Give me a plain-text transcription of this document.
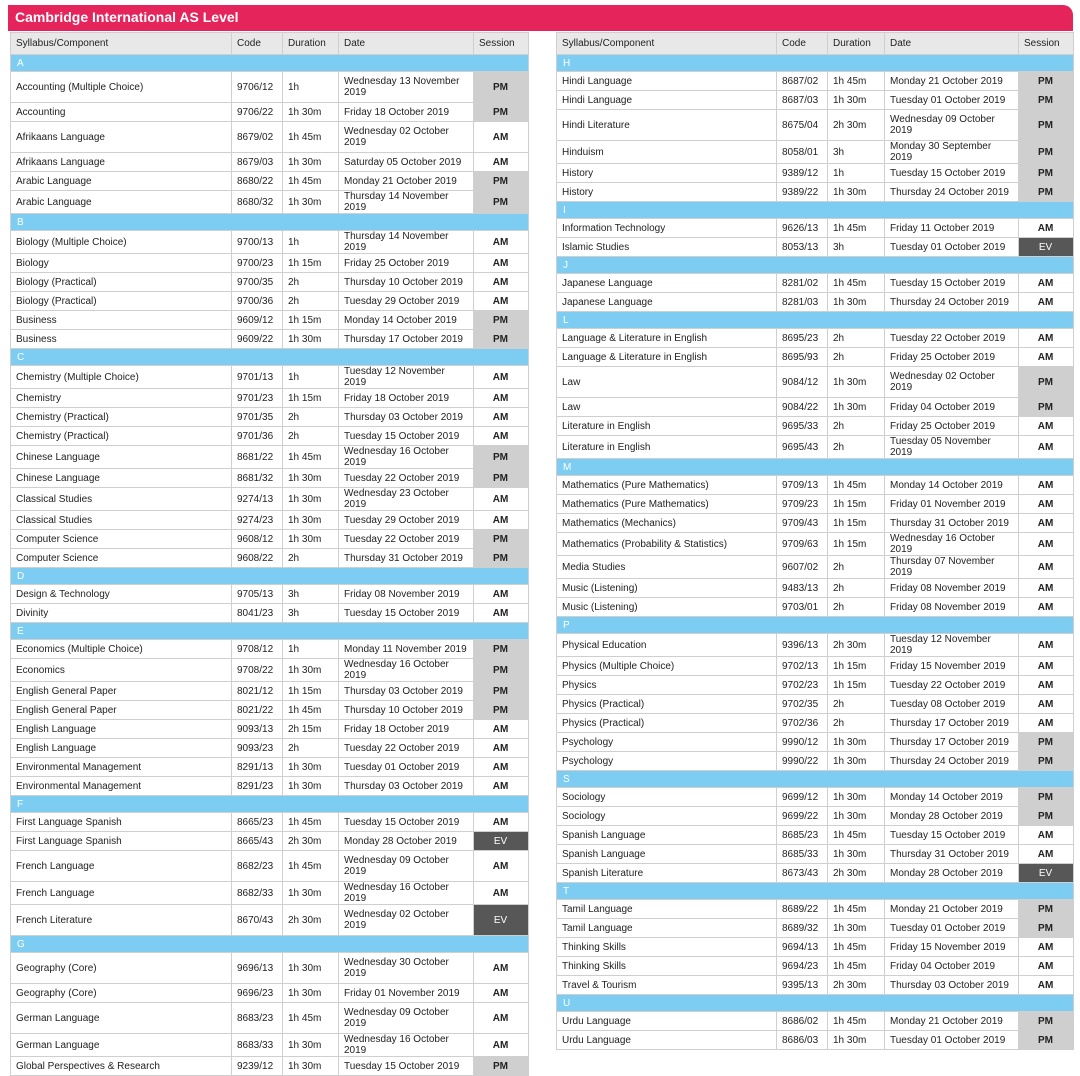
Cambridge International AS Level
Syllabus/Component	Code	Duration	Date	Session
A				
Accounting (Multiple Choice)	9706/12	1h	Wednesday 13 November 2019	PM
Accounting	9706/22	1h 30m	Friday 18 October 2019	PM
Afrikaans Language	8679/02	1h 45m	Wednesday 02 October 2019	AM
Afrikaans Language	8679/03	1h 30m	Saturday 05 October 2019	AM
Arabic Language	8680/22	1h 45m	Monday 21 October 2019	PM
Arabic Language	8680/32	1h 30m	Thursday 14 November 2019	PM
B				
Biology (Multiple Choice)	9700/13	1h	Thursday 14 November 2019	AM
Biology	9700/23	1h 15m	Friday 25 October 2019	AM
Biology (Practical)	9700/35	2h	Thursday 10 October 2019	AM
Biology (Practical)	9700/36	2h	Tuesday 29 October 2019	AM
Business	9609/12	1h 15m	Monday 14 October 2019	PM
Business	9609/22	1h 30m	Thursday 17 October 2019	PM
C				
Chemistry (Multiple Choice)	9701/13	1h	Tuesday 12 November 2019	AM
Chemistry	9701/23	1h 15m	Friday 18 October 2019	AM
Chemistry (Practical)	9701/35	2h	Thursday 03 October 2019	AM
Chemistry (Practical)	9701/36	2h	Tuesday 15 October 2019	AM
Chinese Language	8681/22	1h 45m	Wednesday 16 October 2019	PM
Chinese Language	8681/32	1h 30m	Tuesday 22 October 2019	PM
Classical Studies	9274/13	1h 30m	Wednesday 23 October 2019	AM
Classical Studies	9274/23	1h 30m	Tuesday 29 October 2019	AM
Computer Science	9608/12	1h 30m	Tuesday 22 October 2019	PM
Computer Science	9608/22	2h	Thursday 31 October 2019	PM
D				
Design & Technology	9705/13	3h	Friday 08 November 2019	AM
Divinity	8041/23	3h	Tuesday 15 October 2019	AM
E				
Economics (Multiple Choice)	9708/12	1h	Monday 11 November 2019	PM
Economics	9708/22	1h 30m	Wednesday 16 October 2019	PM
English General Paper	8021/12	1h 15m	Thursday 03 October 2019	PM
English General Paper	8021/22	1h 45m	Thursday 10 October 2019	PM
English Language	9093/13	2h 15m	Friday 18 October 2019	AM
English Language	9093/23	2h	Tuesday 22 October 2019	AM
Environmental Management	8291/13	1h 30m	Tuesday 01 October 2019	AM
Environmental Management	8291/23	1h 30m	Thursday 03 October 2019	AM
F				
First Language Spanish	8665/23	1h 45m	Tuesday 15 October 2019	AM
First Language Spanish	8665/43	2h 30m	Monday 28 October 2019	EV
French Language	8682/23	1h 45m	Wednesday 09 October 2019	AM
French Language	8682/33	1h 30m	Wednesday 16 October 2019	AM
French Literature	8670/43	2h 30m	Wednesday 02 October 2019	EV
G				
Geography (Core)	9696/13	1h 30m	Wednesday 30 October 2019	AM
Geography (Core)	9696/23	1h 30m	Friday 01 November 2019	AM
German Language	8683/23	1h 45m	Wednesday 09 October 2019	AM
German Language	8683/33	1h 30m	Wednesday 16 October 2019	AM
Global Perspectives & Research	9239/12	1h 30m	Tuesday 15 October 2019	PM
Syllabus/Component	Code	Duration	Date	Session
H				
Hindi Language	8687/02	1h 45m	Monday 21 October 2019	PM
Hindi Language	8687/03	1h 30m	Tuesday 01 October 2019	PM
Hindi Literature	8675/04	2h 30m	Wednesday 09 October 2019	PM
Hinduism	8058/01	3h	Monday 30 September 2019	PM
History	9389/12	1h	Tuesday 15 October 2019	PM
History	9389/22	1h 30m	Thursday 24 October 2019	PM
I				
Information Technology	9626/13	1h 45m	Friday 11 October 2019	AM
Islamic Studies	8053/13	3h	Tuesday 01 October 2019	EV
J				
Japanese Language	8281/02	1h 45m	Tuesday 15 October 2019	AM
Japanese Language	8281/03	1h 30m	Thursday 24 October 2019	AM
L				
Language & Literature in English	8695/23	2h	Tuesday 22 October 2019	AM
Language & Literature in English	8695/93	2h	Friday 25 October 2019	AM
Law	9084/12	1h 30m	Wednesday 02 October 2019	PM
Law	9084/22	1h 30m	Friday 04 October 2019	PM
Literature in English	9695/33	2h	Friday 25 October 2019	AM
Literature in English	9695/43	2h	Tuesday 05 November 2019	AM
M				
Mathematics (Pure Mathematics)	9709/13	1h 45m	Monday 14 October 2019	AM
Mathematics (Pure Mathematics)	9709/23	1h 15m	Friday 01 November 2019	AM
Mathematics (Mechanics)	9709/43	1h 15m	Thursday 31 October 2019	AM
Mathematics (Probability & Statistics)	9709/63	1h 15m	Wednesday 16 October 2019	AM
Media Studies	9607/02	2h	Thursday 07 November 2019	AM
Music (Listening)	9483/13	2h	Friday 08 November 2019	AM
Music (Listening)	9703/01	2h	Friday 08 November 2019	AM
P				
Physical Education	9396/13	2h 30m	Tuesday 12 November 2019	AM
Physics (Multiple Choice)	9702/13	1h 15m	Friday 15 November 2019	AM
Physics	9702/23	1h 15m	Tuesday 22 October 2019	AM
Physics (Practical)	9702/35	2h	Tuesday 08 October 2019	AM
Physics (Practical)	9702/36	2h	Thursday 17 October 2019	AM
Psychology	9990/12	1h 30m	Thursday 17 October 2019	PM
Psychology	9990/22	1h 30m	Thursday 24 October 2019	PM
S				
Sociology	9699/12	1h 30m	Monday 14 October 2019	PM
Sociology	9699/22	1h 30m	Monday 28 October 2019	PM
Spanish Language	8685/23	1h 45m	Tuesday 15 October 2019	AM
Spanish Language	8685/33	1h 30m	Thursday 31 October 2019	AM
Spanish Literature	8673/43	2h 30m	Monday 28 October 2019	EV
T				
Tamil Language	8689/22	1h 45m	Monday 21 October 2019	PM
Tamil Language	8689/32	1h 30m	Tuesday 01 October 2019	PM
Thinking Skills	9694/13	1h 45m	Friday 15 November 2019	AM
Thinking Skills	9694/23	1h 45m	Friday 04 October 2019	AM
Travel & Tourism	9395/13	2h 30m	Thursday 03 October 2019	AM
U				
Urdu Language	8686/02	1h 45m	Monday 21 October 2019	PM
Urdu Language	8686/03	1h 30m	Tuesday 01 October 2019	PM
